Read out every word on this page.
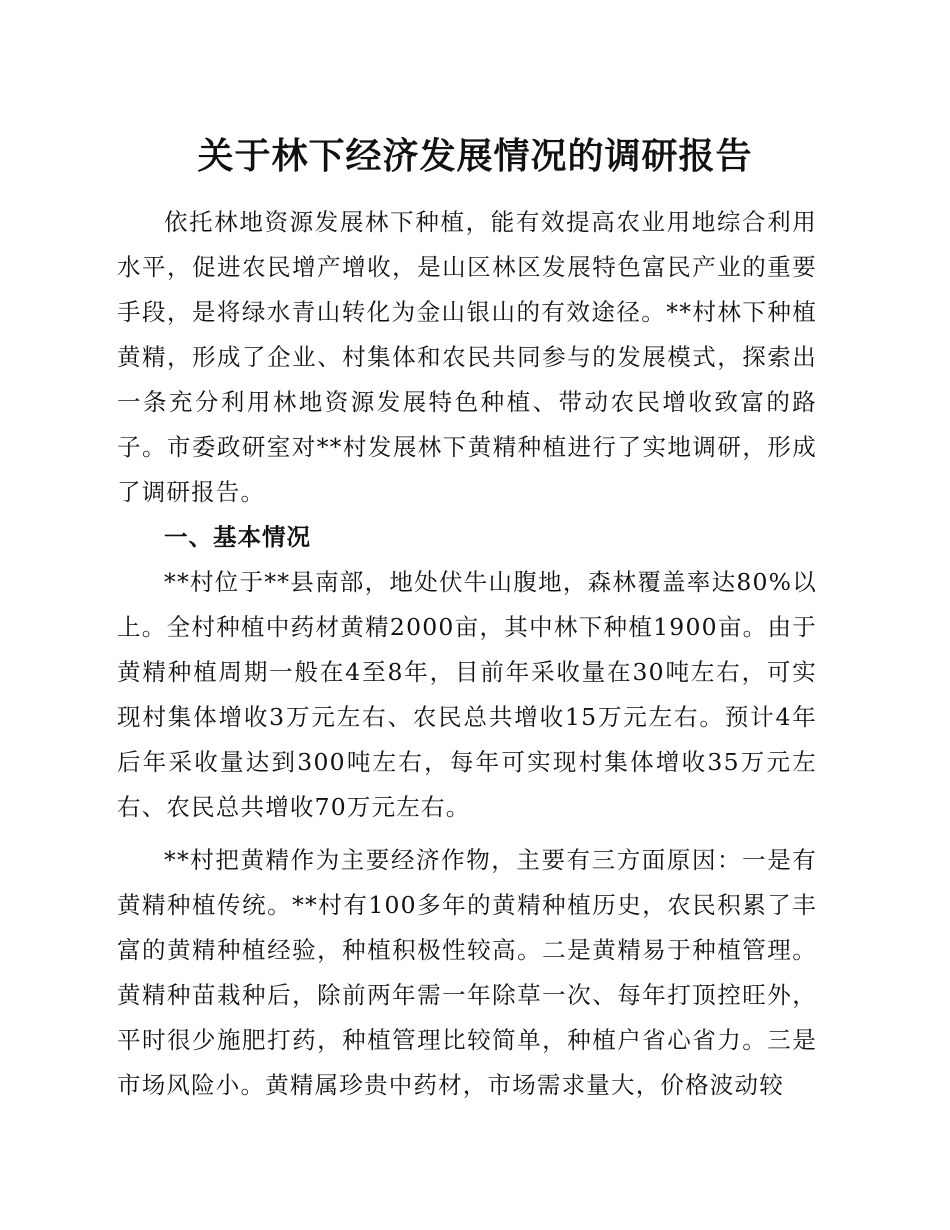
关于林下经济发展情况的调研报告

依托林地资源发展林下种植，能有效提高农业用地综合利用水平，促进农民增产增收，是山区林区发展特色富民产业的重要手段，是将绿水青山转化为金山银山的有效途径。**村林下种植黄精，形成了企业、村集体和农民共同参与的发展模式，探索出一条充分利用林地资源发展特色种植、带动农民增收致富的路子。市委政研室对**村发展林下黄精种植进行了实地调研，形成了调研报告。

一、基本情况

**村位于**县南部，地处伏牛山腹地，森林覆盖率达80%以上。全村种植中药材黄精2000亩，其中林下种植1900亩。由于黄精种植周期一般在4至8年，目前年采收量在30吨左右，可实现村集体增收3万元左右、农民总共增收15万元左右。预计4年后年采收量达到300吨左右，每年可实现村集体增收35万元左右、农民总共增收70万元左右。

**村把黄精作为主要经济作物，主要有三方面原因：一是有黄精种植传统。**村有100多年的黄精种植历史，农民积累了丰富的黄精种植经验，种植积极性较高。二是黄精易于种植管理。黄精种苗栽种后，除前两年需一年除草一次、每年打顶控旺外，平时很少施肥打药，种植管理比较简单，种植户省心省力。三是市场风险小。黄精属珍贵中药材，市场需求量大，价格波动较
